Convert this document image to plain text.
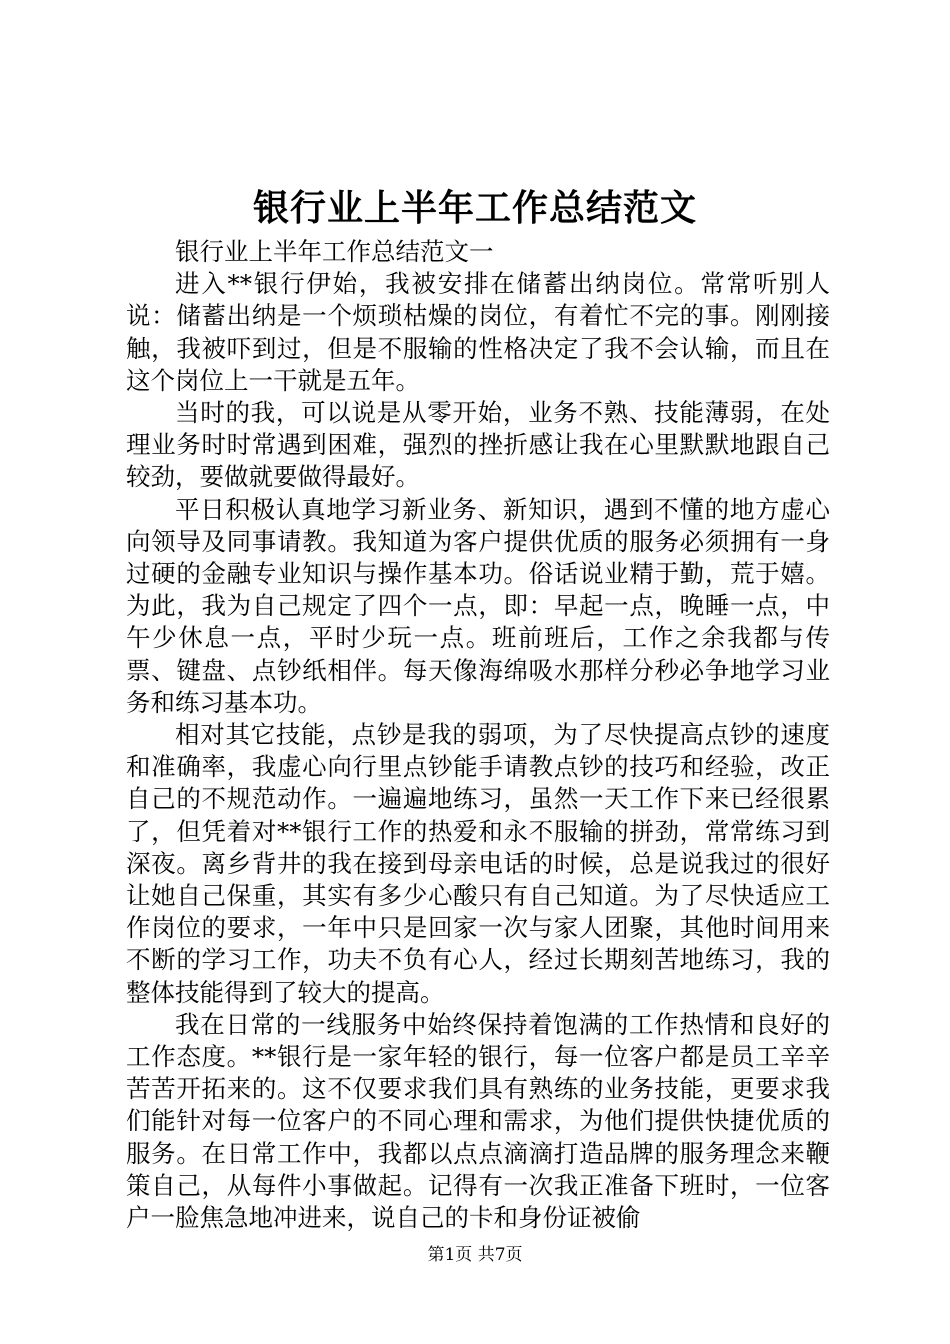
银行业上半年工作总结范文

银行业上半年工作总结范文一

进入**银行伊始，我被安排在储蓄出纳岗位。常常听别人说：储蓄出纳是一个烦琐枯燥的岗位，有着忙不完的事。刚刚接触，我被吓到过，但是不服输的性格决定了我不会认输，而且在这个岗位上一干就是五年。

当时的我，可以说是从零开始，业务不熟、技能薄弱，在处理业务时时常遇到困难，强烈的挫折感让我在心里默默地跟自己较劲，要做就要做得最好。

平日积极认真地学习新业务、新知识，遇到不懂的地方虚心向领导及同事请教。我知道为客户提供优质的服务必须拥有一身过硬的金融专业知识与操作基本功。俗话说业精于勤，荒于嬉。为此，我为自己规定了四个一点，即：早起一点，晚睡一点，中午少休息一点，平时少玩一点。班前班后，工作之余我都与传票、键盘、点钞纸相伴。每天像海绵吸水那样分秒必争地学习业务和练习基本功。

相对其它技能，点钞是我的弱项，为了尽快提高点钞的速度和准确率，我虚心向行里点钞能手请教点钞的技巧和经验，改正自己的不规范动作。一遍遍地练习，虽然一天工作下来已经很累了，但凭着对**银行工作的热爱和永不服输的拼劲，常常练习到深夜。离乡背井的我在接到母亲电话的时候，总是说我过的很好让她自己保重，其实有多少心酸只有自己知道。为了尽快适应工作岗位的要求，一年中只是回家一次与家人团聚，其他时间用来不断的学习工作，功夫不负有心人，经过长期刻苦地练习，我的整体技能得到了较大的提高。

我在日常的一线服务中始终保持着饱满的工作热情和良好的工作态度。**银行是一家年轻的银行，每一位客户都是员工辛辛苦苦开拓来的。这不仅要求我们具有熟练的业务技能，更要求我们能针对每一位客户的不同心理和需求，为他们提供快捷优质的服务。在日常工作中，我都以点点滴滴打造品牌的服务理念来鞭策自己，从每件小事做起。记得有一次我正准备下班时，一位客户一脸焦急地冲进来，说自己的卡和身份证被偷

第1页 共7页
